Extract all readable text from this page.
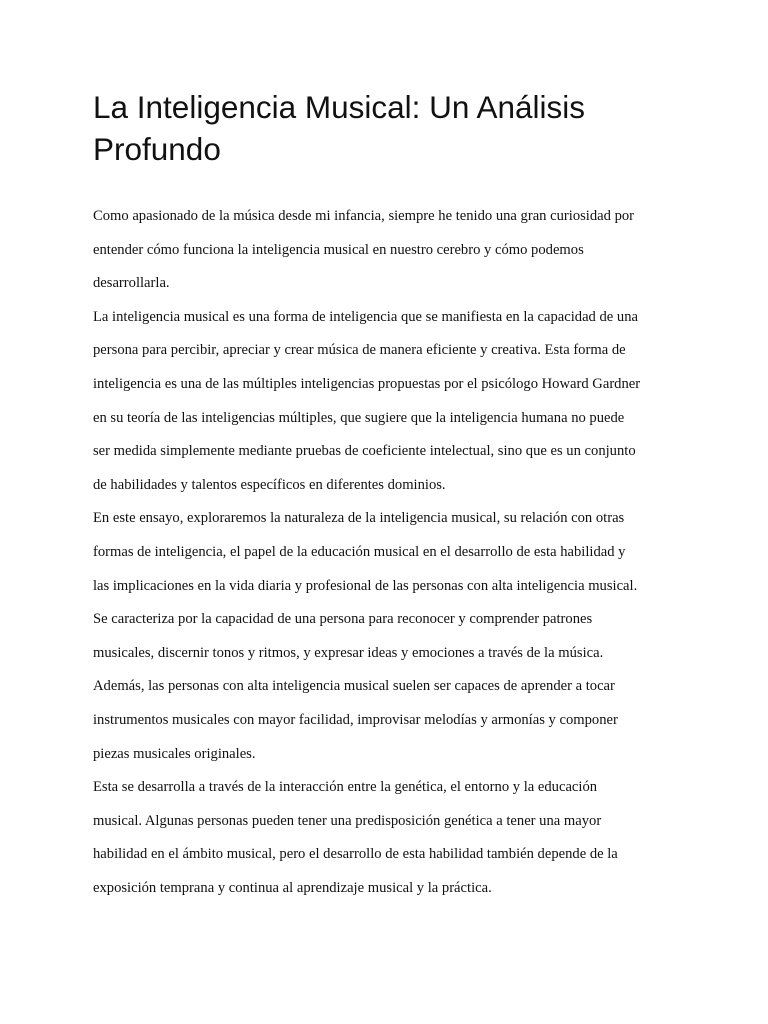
La Inteligencia Musical: Un Análisis
Profundo
Como apasionado de la música desde mi infancia, siempre he tenido una gran curiosidad por
entender cómo funciona la inteligencia musical en nuestro cerebro y cómo podemos
desarrollarla.
La inteligencia musical es una forma de inteligencia que se manifiesta en la capacidad de una
persona para percibir, apreciar y crear música de manera eficiente y creativa. Esta forma de
inteligencia es una de las múltiples inteligencias propuestas por el psicólogo Howard Gardner
en su teoría de las inteligencias múltiples, que sugiere que la inteligencia humana no puede
ser medida simplemente mediante pruebas de coeficiente intelectual, sino que es un conjunto
de habilidades y talentos específicos en diferentes dominios.
En este ensayo, exploraremos la naturaleza de la inteligencia musical, su relación con otras
formas de inteligencia, el papel de la educación musical en el desarrollo de esta habilidad y
las implicaciones en la vida diaria y profesional de las personas con alta inteligencia musical.
Se caracteriza por la capacidad de una persona para reconocer y comprender patrones
musicales, discernir tonos y ritmos, y expresar ideas y emociones a través de la música.
Además, las personas con alta inteligencia musical suelen ser capaces de aprender a tocar
instrumentos musicales con mayor facilidad, improvisar melodías y armonías y componer
piezas musicales originales.
Esta se desarrolla a través de la interacción entre la genética, el entorno y la educación
musical. Algunas personas pueden tener una predisposición genética a tener una mayor
habilidad en el ámbito musical, pero el desarrollo de esta habilidad también depende de la
exposición temprana y continua al aprendizaje musical y la práctica.
